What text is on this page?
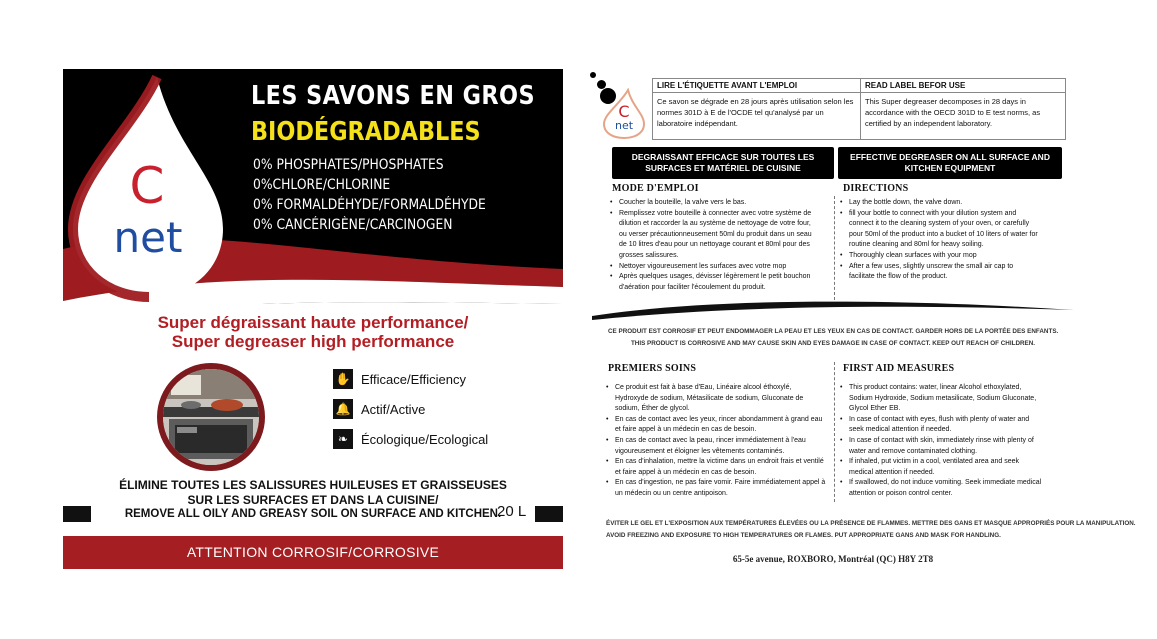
C
net
LES SAVONS EN GROS
BIODÉGRADABLES
0% PHOSPHATES/PHOSPHATES
0%CHLORE/CHLORINE
0% FORMALDÉHYDE/FORMALDÉHYDE
0% CANCÉRIGÈNE/CARCINOGEN
Super dégraissant haute performance/
Super degreaser high performance
✋ Efficace/Efficiency
🔔 Actif/Active
❧ Écologique/Ecological
ÉLIMINE TOUTES LES SALISSURES HUILEUSES ET GRAISSEUSES
SUR LES SURFACES ET DANS LA CUISINE/
REMOVE ALL OILY AND GREASY SOIL ON SURFACE AND KITCHEN.
20 L
ATTENTION CORROSIF/CORROSIVE
C
net
LIRE L'ÉTIQUETTE AVANT L'EMPLOI
Ce savon se dégrade en 28 jours après utilisation selon les normes 301D à E de l'OCDE tel qu'analysé par un laboratoire indépendant.
READ LABEL BEFOR USE
This Super degreaser decomposes in 28 days in accordance with the OECD 301D to E test norms, as certified by an independent laboratory.
DEGRAISSANT EFFICACE SUR TOUTES LES SURFACES ET MATÉRIEL DE CUISINE
EFFECTIVE DEGREASER ON ALL SURFACE AND KITCHEN EQUIPMENT
MODE D'EMPLOI
• Coucher la bouteille, la valve vers le bas.
• Remplissez votre bouteille à connecter avec votre système de dilution et raccorder la au système de nettoyage de votre four, ou verser précautionneusement 50ml du produit dans un seau de 10 litres d'eau pour un nettoyage courant et 80ml pour des grosses salissures.
• Nettoyer vigoureusement les surfaces avec votre mop
• Après quelques usages, dévisser légèrement le petit bouchon d'aération pour faciliter l'écoulement du produit.
DIRECTIONS
• Lay the bottle down, the valve down.
• fill your bottle to connect with your dilution system and connect it to the cleaning system of your oven, or carefully pour 50ml of the product into a bucket of 10 liters of water for routine cleaning and 80ml for heavy soiling.
• Thoroughly clean surfaces with your mop
• After a few uses, slightly unscrew the small air cap to facilitate the flow of the product.
CE PRODUIT EST CORROSIF ET PEUT ENDOMMAGER LA PEAU ET LES YEUX EN CAS DE CONTACT. GARDER HORS DE LA PORTÉE DES ENFANTS.
THIS PRODUCT IS CORROSIVE AND MAY CAUSE SKIN AND EYES DAMAGE IN CASE OF CONTACT. KEEP OUT REACH OF CHILDREN.
PREMIERS SOINS
• Ce produit est fait à base d'Eau, Linéaire alcool éthoxylé, Hydroxyde de sodium, Métasilicate de sodium, Gluconate de sodium, Éther de glycol.
• En cas de contact avec les yeux, rincer abondamment à grand eau et faire appel à un médecin en cas de besoin.
• En cas de contact avec la peau, rincer immédiatement à l'eau vigoureusement et éloigner les vêtements contaminés.
• En cas d'inhalation, mettre la victime dans un endroit frais et ventilé et faire appel à un médecin en cas de besoin.
• En cas d'ingestion, ne pas faire vomir. Faire immédiatement appel à un médecin ou un centre antipoison.
FIRST AID MEASURES
• This product contains: water, linear Alcohol ethoxylated, Sodium Hydroxide, Sodium metasilicate, Sodium Gluconate, Glycol Ether EB.
• In case of contact with eyes, flush with plenty of water and seek medical attention if needed.
• In case of contact with skin, immediately rinse with plenty of water and remove contaminated clothing.
• If inhaled, put victim in a cool, ventilated area and seek medical attention if needed.
• If swallowed, do not induce vomiting. Seek immediate medical attention or poison control center.
ÉVITER LE GEL ET L'EXPOSITION AUX TEMPÉRATURES ÉLEVÉES OU LA PRÉSENCE DE FLAMMES. METTRE DES GANS ET MASQUE APPROPRIÉS POUR LA MANIPULATION.
AVOID FREEZING AND EXPOSURE TO HIGH TEMPERATURES OR FLAMES. PUT APPROPRIATE GANS AND MASK FOR HANDLING.
65-5e avenue, ROXBORO, Montréal (QC) H8Y 2T8
